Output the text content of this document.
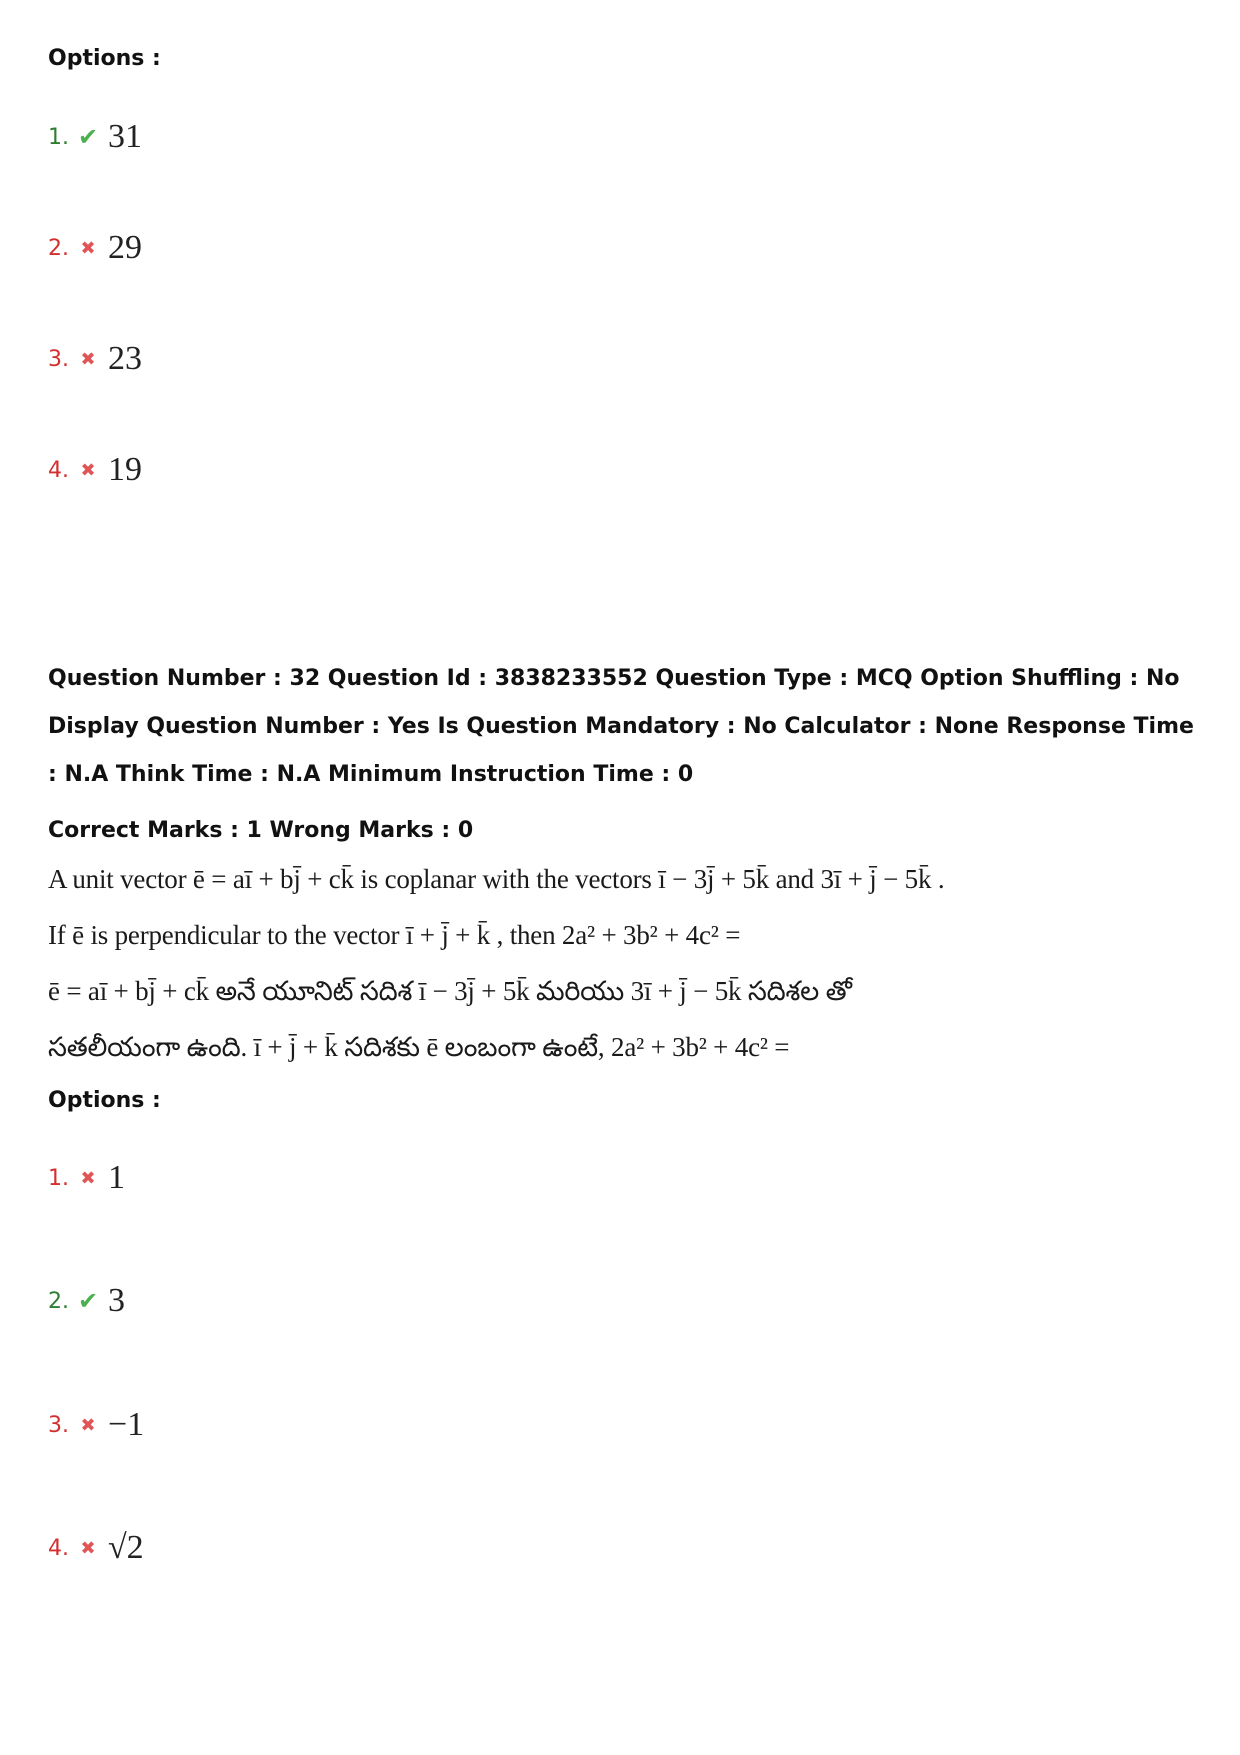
Options :
1. ✔ 31
2. ✖ 29
3. ✖ 23
4. ✖ 19
Question Number : 32 Question Id : 3838233552 Question Type : MCQ Option Shuffling : No
Display Question Number : Yes Is Question Mandatory : No Calculator : None Response Time
: N.A Think Time : N.A Minimum Instruction Time : 0
Correct Marks : 1 Wrong Marks : 0
A unit vector ē = aī + bj̄ + ck̄ is coplanar with the vectors ī − 3j̄ + 5k̄ and 3ī + j̄ − 5k̄ .
If ē is perpendicular to the vector ī + j̄ + k̄ , then 2a² + 3b² + 4c² =
ē = aī + bj̄ + ck̄ అనే యూనిట్ సదిశ ī − 3j̄ + 5k̄ మరియు 3ī + j̄ − 5k̄ సదిశల తో
సతలీయంగా ఉంది. ī + j̄ + k̄ సదిశకు ē లంబంగా ఉంటే, 2a² + 3b² + 4c² =
Options :
1. ✖ 1
2. ✔ 3
3. ✖ −1
4. ✖ √2
